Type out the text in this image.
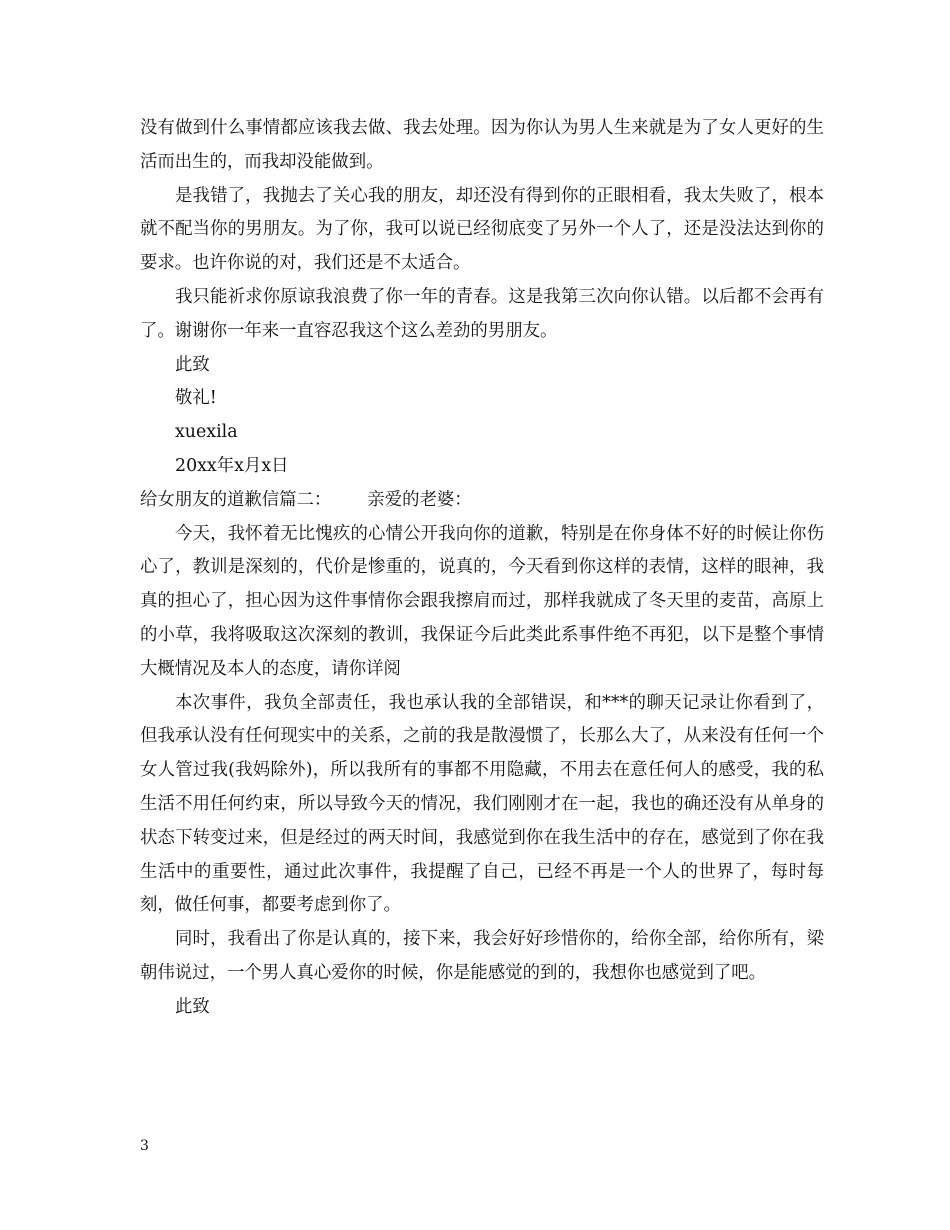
没有做到什么事情都应该我去做、我去处理。因为你认为男人生来就是为了女人更好的生活而出生的，而我却没能做到。

是我错了，我抛去了关心我的朋友，却还没有得到你的正眼相看，我太失败了，根本就不配当你的男朋友。为了你，我可以说已经彻底变了另外一个人了，还是没法达到你的要求。也许你说的对，我们还是不太适合。

我只能祈求你原谅我浪费了你一年的青春。这是我第三次向你认错。以后都不会再有了。谢谢你一年来一直容忍我这个这么差劲的男朋友。

此致

敬礼!

xuexila

20xx年x月x日

给女朋友的道歉信篇二： 亲爱的老婆：

今天，我怀着无比愧疚的心情公开我向你的道歉，特别是在你身体不好的时候让你伤心了，教训是深刻的，代价是惨重的，说真的，今天看到你这样的表情，这样的眼神，我真的担心了，担心因为这件事情你会跟我擦肩而过，那样我就成了冬天里的麦苗，高原上的小草，我将吸取这次深刻的教训，我保证今后此类此系事件绝不再犯，以下是整个事情大概情况及本人的态度，请你详阅

本次事件，我负全部责任，我也承认我的全部错误，和***的聊天记录让你看到了，但我承认没有任何现实中的关系，之前的我是散漫惯了，长那么大了，从来没有任何一个女人管过我(我妈除外)，所以我所有的事都不用隐藏，不用去在意任何人的感受，我的私生活不用任何约束，所以导致今天的情况，我们刚刚才在一起，我也的确还没有从单身的状态下转变过来，但是经过的两天时间，我感觉到你在我生活中的存在，感觉到了你在我生活中的重要性，通过此次事件，我提醒了自己，已经不再是一个人的世界了，每时每刻，做任何事，都要考虑到你了。

同时，我看出了你是认真的，接下来，我会好好珍惜你的，给你全部，给你所有，梁朝伟说过，一个男人真心爱你的时候，你是能感觉的到的，我想你也感觉到了吧。

此致

3
